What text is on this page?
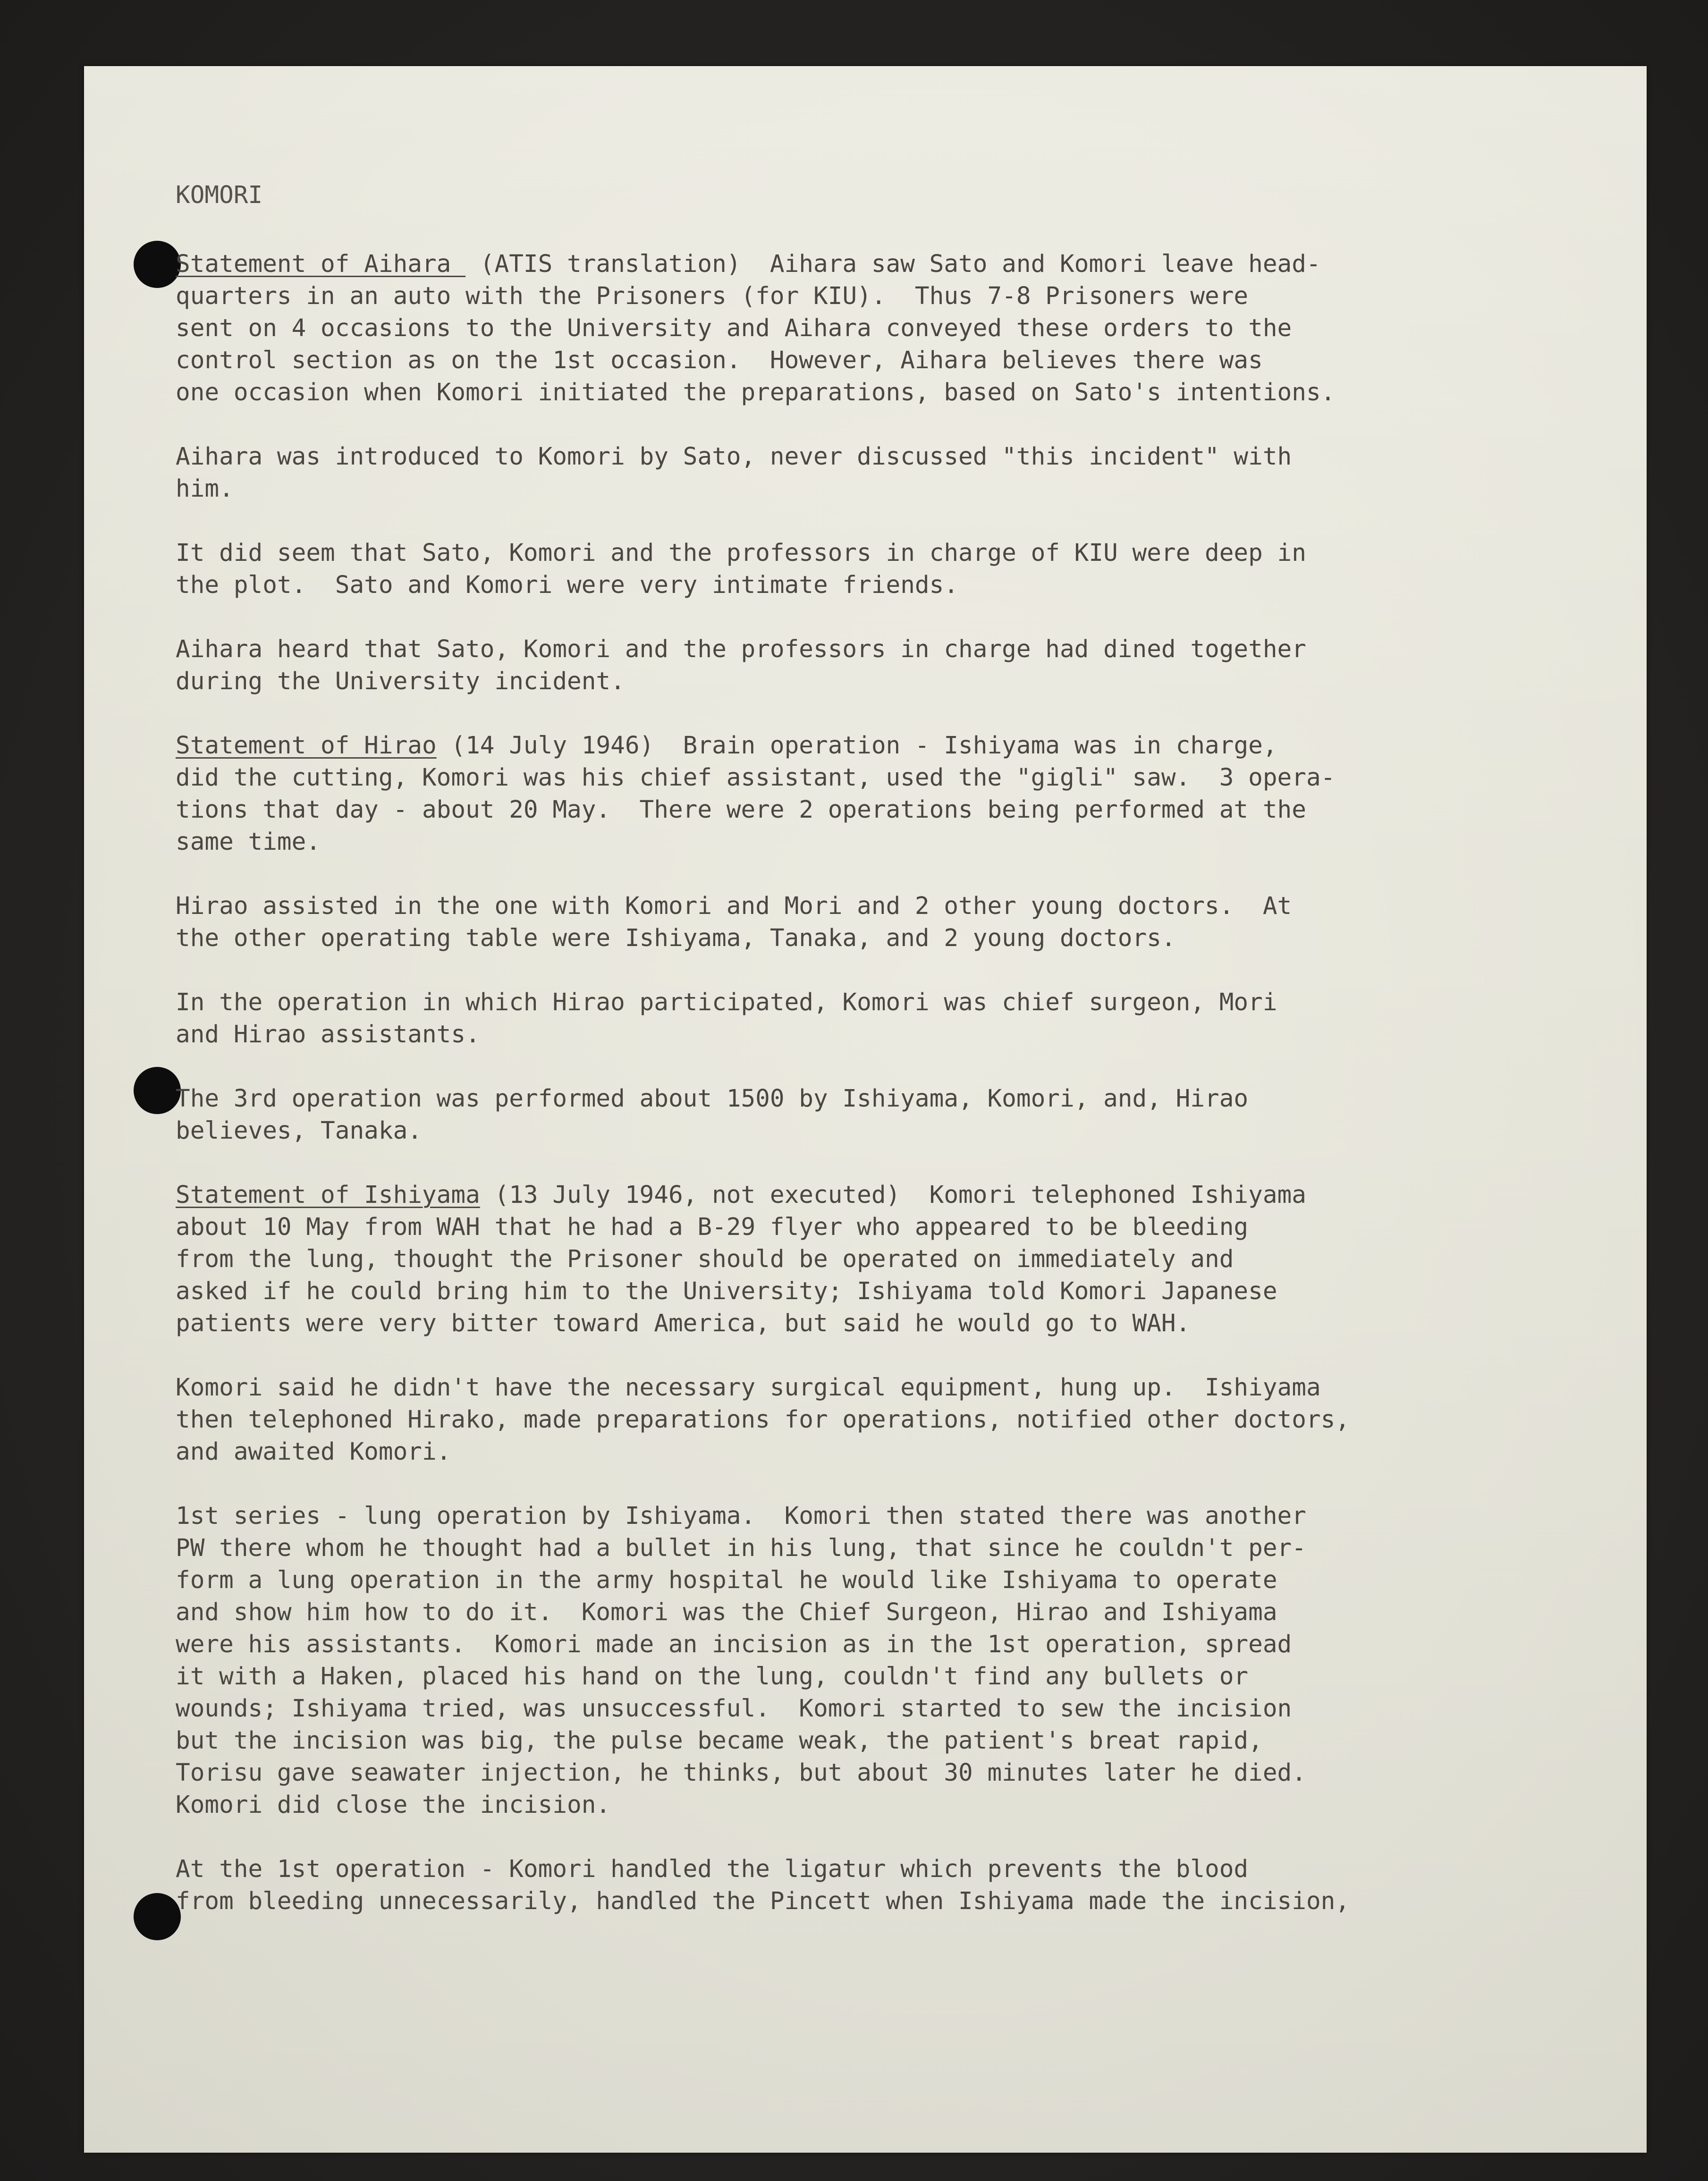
KOMORI
Statement of Aihara  (ATIS translation)  Aihara saw Sato and Komori leave head-
quarters in an auto with the Prisoners (for KIU).  Thus 7-8 Prisoners were
sent on 4 occasions to the University and Aihara conveyed these orders to the
control section as on the 1st occasion.  However, Aihara believes there was
one occasion when Komori initiated the preparations, based on Sato's intentions.
Aihara was introduced to Komori by Sato, never discussed "this incident" with
him.
It did seem that Sato, Komori and the professors in charge of KIU were deep in
the plot.  Sato and Komori were very intimate friends.
Aihara heard that Sato, Komori and the professors in charge had dined together
during the University incident.
Statement of Hirao (14 July 1946)  Brain operation - Ishiyama was in charge,
did the cutting, Komori was his chief assistant, used the "gigli" saw.  3 opera-
tions that day - about 20 May.  There were 2 operations being performed at the
same time.
Hirao assisted in the one with Komori and Mori and 2 other young doctors.  At
the other operating table were Ishiyama, Tanaka, and 2 young doctors.
In the operation in which Hirao participated, Komori was chief surgeon, Mori
and Hirao assistants.
The 3rd operation was performed about 1500 by Ishiyama, Komori, and, Hirao
believes, Tanaka.
Statement of Ishiyama (13 July 1946, not executed)  Komori telephoned Ishiyama
about 10 May from WAH that he had a B-29 flyer who appeared to be bleeding
from the lung, thought the Prisoner should be operated on immediately and
asked if he could bring him to the University; Ishiyama told Komori Japanese
patients were very bitter toward America, but said he would go to WAH.
Komori said he didn't have the necessary surgical equipment, hung up.  Ishiyama
then telephoned Hirako, made preparations for operations, notified other doctors,
and awaited Komori.
1st series - lung operation by Ishiyama.  Komori then stated there was another
PW there whom he thought had a bullet in his lung, that since he couldn't per-
form a lung operation in the army hospital he would like Ishiyama to operate
and show him how to do it.  Komori was the Chief Surgeon, Hirao and Ishiyama
were his assistants.  Komori made an incision as in the 1st operation, spread
it with a Haken, placed his hand on the lung, couldn't find any bullets or
wounds; Ishiyama tried, was unsuccessful.  Komori started to sew the incision
but the incision was big, the pulse became weak, the patient's breat rapid,
Torisu gave seawater injection, he thinks, but about 30 minutes later he died.
Komori did close the incision.
At the 1st operation - Komori handled the ligatur which prevents the blood
from bleeding unnecessarily, handled the Pincett when Ishiyama made the incision,
